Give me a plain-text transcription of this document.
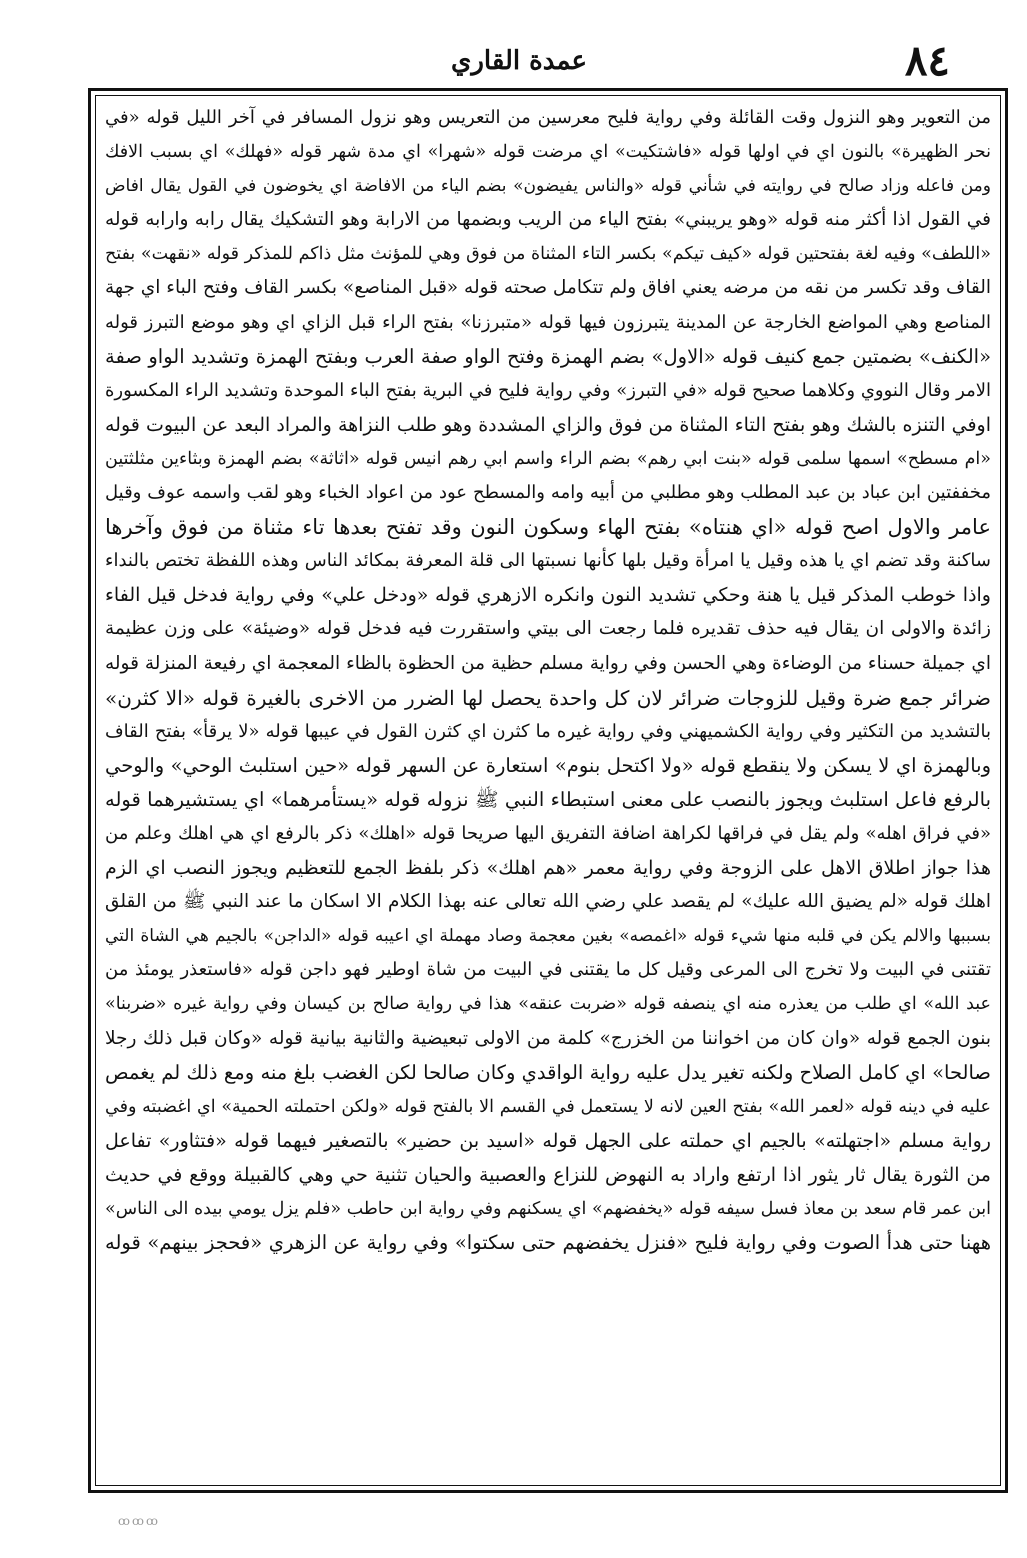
٨٤
عمدة القاري
من التعوير وهو النزول وقت القائلة وفي رواية فليح معرسين من التعريس وهو نزول المسافر في آخر الليل قوله «في
نحر الظهيرة» بالنون اي في اولها قوله «فاشتكيت» اي مرضت قوله «شهرا» اي مدة شهر قوله «فهلك» اي بسبب الافك
ومن فاعله وزاد صالح في روايته في شأني قوله «والناس يفيضون» بضم الياء من الافاضة اي يخوضون في القول يقال افاض
في القول اذا أكثر منه قوله «وهو يريبني» بفتح الياء من الريب وبضمها من الارابة وهو التشكيك يقال رابه وارابه قوله
«اللطف» وفيه لغة بفتحتين قوله «كيف تيكم» بكسر التاء المثناة من فوق وهي للمؤنث مثل ذاكم للمذكر قوله «نقهت» بفتح
القاف وقد تكسر من نقه من مرضه يعني افاق ولم تتكامل صحته قوله «قبل المناصع» بكسر القاف وفتح الباء اي جهة
المناصع وهي المواضع الخارجة عن المدينة يتبرزون فيها قوله «متبرزنا» بفتح الراء قبل الزاي اي وهو موضع التبرز قوله
«الكنف» بضمتين جمع كنيف قوله «الاول» بضم الهمزة وفتح الواو صفة العرب وبفتح الهمزة وتشديد الواو صفة
الامر وقال النووي وكلاهما صحيح قوله «في التبرز» وفي رواية فليح في البرية بفتح الباء الموحدة وتشديد الراء المكسورة
اوفي التنزه بالشك وهو بفتح التاء المثناة من فوق والزاي المشددة وهو طلب النزاهة والمراد البعد عن البيوت قوله
«ام مسطح» اسمها سلمى قوله «بنت ابي رهم» بضم الراء واسم ابي رهم انيس قوله «اثاثة» بضم الهمزة وبثاءين مثلثتين
مخففتين ابن عباد بن عبد المطلب وهو مطلبي من أبيه وامه والمسطح عود من اعواد الخباء وهو لقب واسمه عوف وقيل
عامر والاول اصح قوله «اي هنتاه» بفتح الهاء وسكون النون وقد تفتح بعدها تاء مثناة من فوق وآخرها
ساكنة وقد تضم اي يا هذه وقيل يا امرأة وقيل بلها كأنها نسبتها الى قلة المعرفة بمكائد الناس وهذه اللفظة تختص بالنداء
واذا خوطب المذكر قيل يا هنة وحكي تشديد النون وانكره الازهري قوله «ودخل علي» وفي رواية فدخل قيل الفاء
زائدة والاولى ان يقال فيه حذف تقديره فلما رجعت الى بيتي واستقررت فيه فدخل قوله «وضيئة» على وزن عظيمة
اي جميلة حسناء من الوضاءة وهي الحسن وفي رواية مسلم حظية من الحظوة بالظاء المعجمة اي رفيعة المنزلة قوله
ضرائر جمع ضرة وقيل للزوجات ضرائر لان كل واحدة يحصل لها الضرر من الاخرى بالغيرة قوله «الا كثرن»
بالتشديد من التكثير وفي رواية الكشميهني وفي رواية غيره ما كثرن اي كثرن القول في عيبها قوله «لا يرقأ» بفتح القاف
وبالهمزة اي لا يسكن ولا ينقطع قوله «ولا اكتحل بنوم» استعارة عن السهر قوله «حين استلبث الوحي» والوحي
بالرفع فاعل استلبث ويجوز بالنصب على معنى استبطاء النبي ﷺ نزوله قوله «يستأمرهما» اي يستشيرهما قوله
«في فراق اهله» ولم يقل في فراقها لكراهة اضافة التفريق اليها صريحا قوله «اهلك» ذكر بالرفع اي هي اهلك وعلم من
هذا جواز اطلاق الاهل على الزوجة وفي رواية معمر «هم اهلك» ذكر بلفظ الجمع للتعظيم ويجوز النصب اي الزم
اهلك قوله «لم يضيق الله عليك» لم يقصد علي رضي الله تعالى عنه بهذا الكلام الا اسكان ما عند النبي ﷺ من القلق
بسببها والالم يكن في قلبه منها شيء قوله «اغمصه» بغين معجمة وصاد مهملة اي اعيبه قوله «الداجن» بالجيم هي الشاة التي
تقتنى في البيت ولا تخرج الى المرعى وقيل كل ما يقتنى في البيت من شاة اوطير فهو داجن قوله «فاستعذر يومئذ من
عبد الله» اي طلب من يعذره منه اي ينصفه قوله «ضربت عنقه» هذا في رواية صالح بن كيسان وفي رواية غيره «ضربنا»
بنون الجمع قوله «وان كان من اخواننا من الخزرج» كلمة من الاولى تبعيضية والثانية بيانية قوله «وكان قبل ذلك رجلا
صالحا» اي كامل الصلاح ولكنه تغير يدل عليه رواية الواقدي وكان صالحا لكن الغضب بلغ منه ومع ذلك لم يغمص
عليه في دينه قوله «لعمر الله» بفتح العين لانه لا يستعمل في القسم الا بالفتح قوله «ولكن احتملته الحمية» اي اغضبته وفي
رواية مسلم «اجتهلته» بالجيم اي حملته على الجهل قوله «اسيد بن حضير» بالتصغير فيهما قوله «فتثاور» تفاعل
من الثورة يقال ثار يثور اذا ارتفع واراد به النهوض للنزاع والعصبية والحيان تثنية حي وهي كالقبيلة ووقع في حديث
ابن عمر قام سعد بن معاذ فسل سيفه قوله «يخفضهم» اي يسكنهم وفي رواية ابن حاطب «فلم يزل يومي بيده الى الناس»
ههنا حتى هدأ الصوت وفي رواية فليح «فنزل يخفضهم حتى سكتوا» وفي رواية عن الزهري «فحجز بينهم» قوله
ꝏꝏꝏ
